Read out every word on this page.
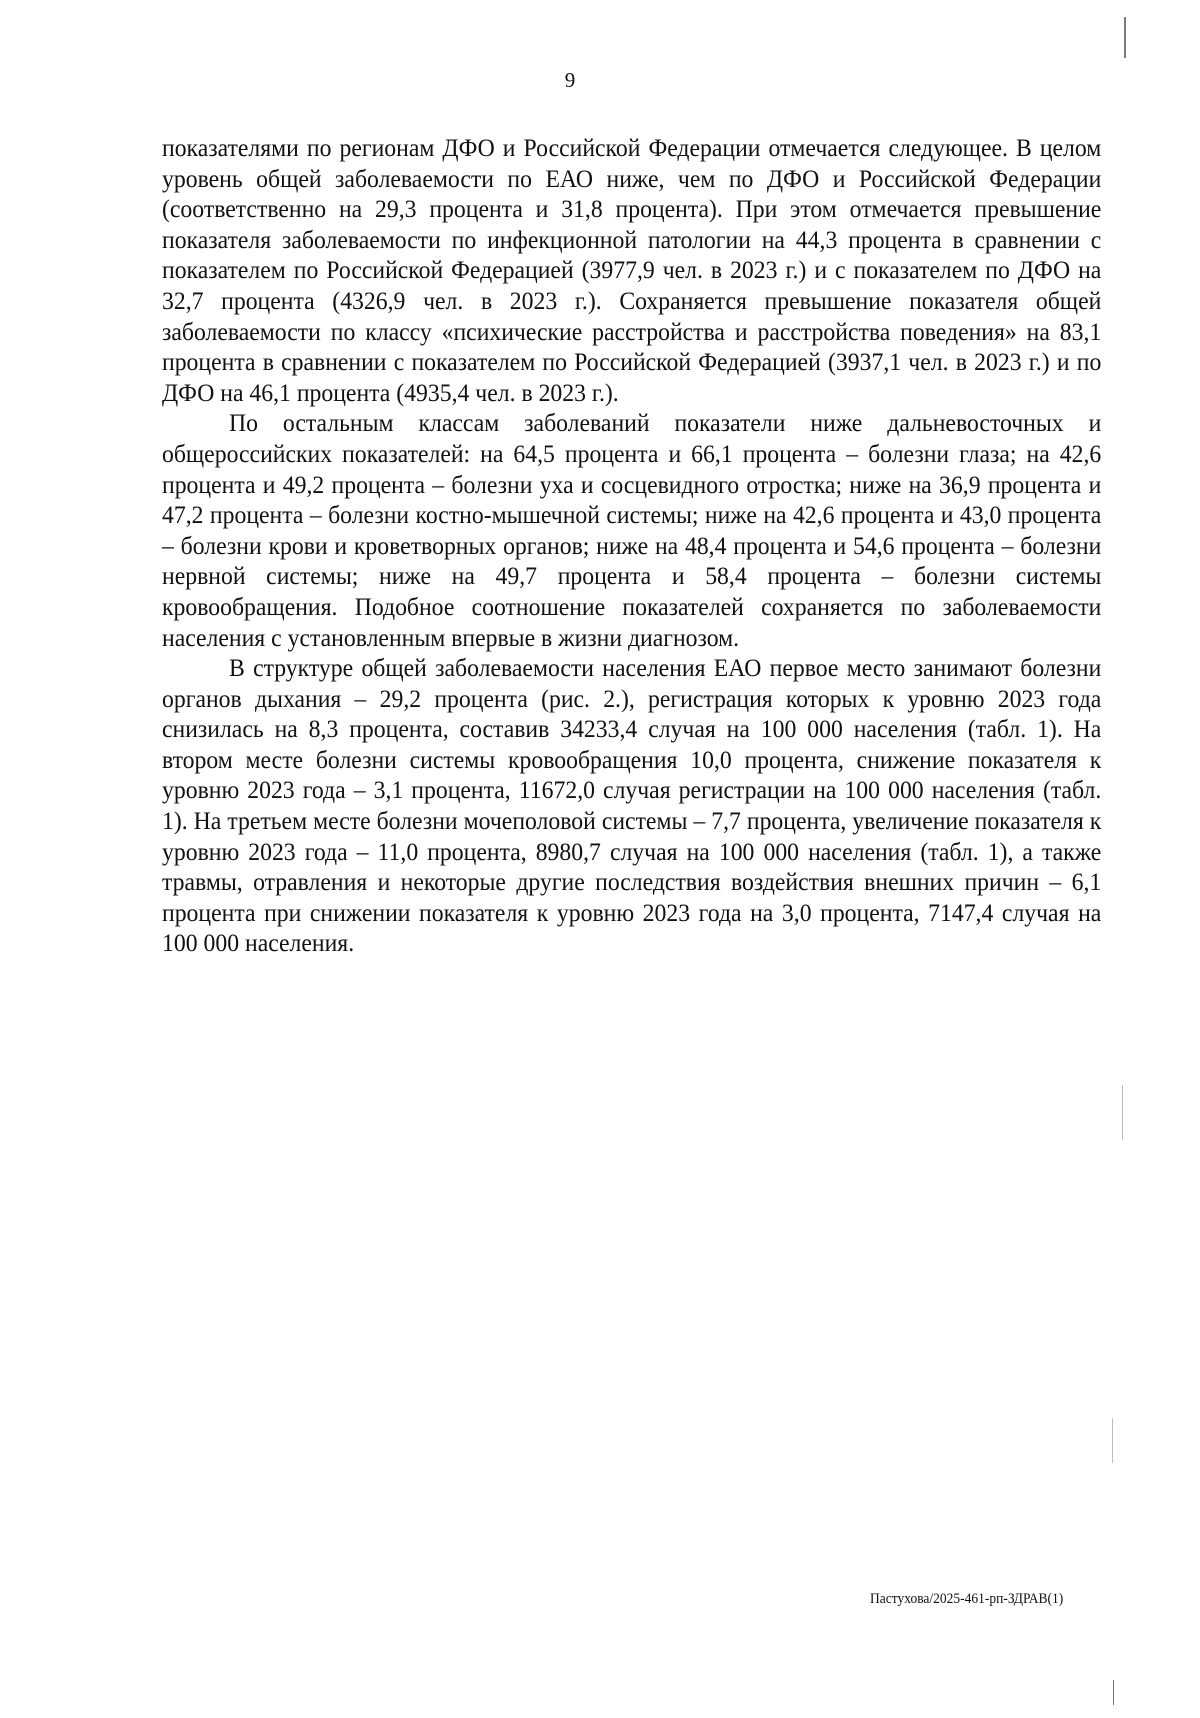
9

показателями по регионам ДФО и Российской Федерации отмечается следующее. В целом уровень общей заболеваемости по ЕАО ниже, чем по ДФО и Российской Федерации (соответственно на 29,3 процента и 31,8 процента). При этом отмечается превышение показателя заболеваемости по инфекционной патологии на 44,3 процента в сравнении с показателем по Российской Федерацией (3977,9 чел. в 2023 г.) и с показателем по ДФО на 32,7 процента (4326,9 чел. в 2023 г.). Сохраняется превышение показателя общей заболеваемости по классу «психические расстройства и расстройства поведения» на 83,1 процента в сравнении с показателем по Российской Федерацией (3937,1 чел. в 2023 г.) и по ДФО на 46,1 процента (4935,4 чел. в 2023 г.).

По остальным классам заболеваний показатели ниже дальневосточных и общероссийских показателей: на 64,5 процента и 66,1 процента – болезни глаза; на 42,6 процента и 49,2 процента – болезни уха и сосцевидного отростка; ниже на 36,9 процента и 47,2 процента – болезни костно-мышечной системы; ниже на 42,6 процента и 43,0 процента – болезни крови и кроветворных органов; ниже на 48,4 процента и 54,6 процента – болезни нервной системы; ниже на 49,7 процента и 58,4 процента – болезни системы кровообращения. Подобное соотношение показателей сохраняется по заболеваемости населения с установленным впервые в жизни диагнозом.

В структуре общей заболеваемости населения ЕАО первое место занимают болезни органов дыхания – 29,2 процента (рис. 2.), регистрация которых к уровню 2023 года снизилась на 8,3 процента, составив 34233,4 случая на 100 000 населения (табл. 1). На втором месте болезни системы кровообращения 10,0 процента, снижение показателя к уровню 2023 года – 3,1 процента, 11672,0 случая регистрации на 100 000 населения (табл. 1). На третьем месте болезни мочеполовой системы – 7,7 процента, увеличение показателя к уровню 2023 года – 11,0 процента, 8980,7 случая на 100 000 населения (табл. 1), а также травмы, отравления и некоторые другие последствия воздействия внешних причин – 6,1 процента при снижении показателя к уровню 2023 года на 3,0 процента, 7147,4 случая на 100 000 населения.

Пастухова/2025-461-рп-ЗДРАВ(1)
